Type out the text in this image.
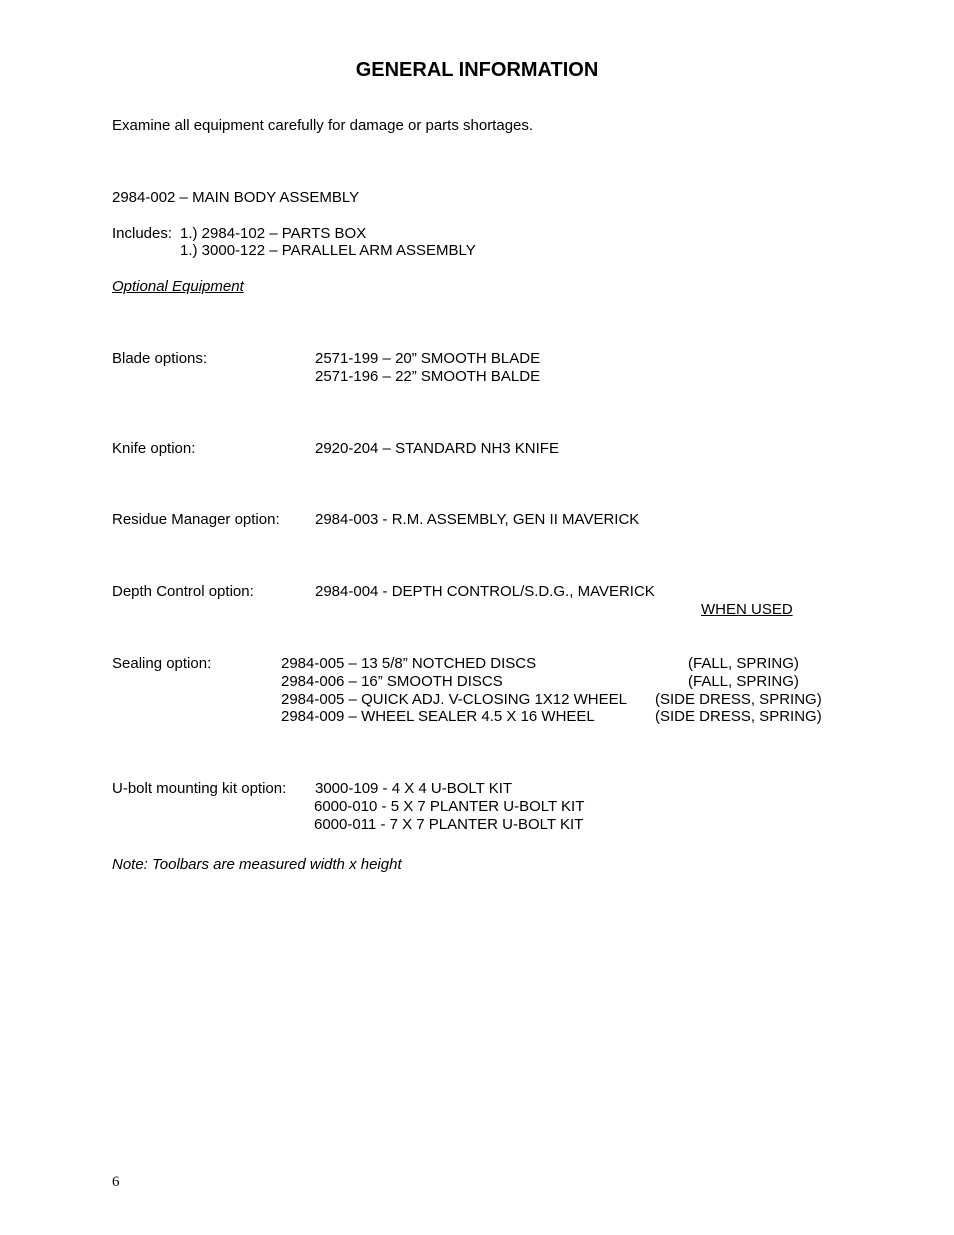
GENERAL INFORMATION
Examine all equipment carefully for damage or parts shortages.
2984-002 – MAIN BODY ASSEMBLY
Includes: 1.) 2984-102 – PARTS BOX
1.) 3000-122 – PARALLEL ARM ASSEMBLY
Optional Equipment
Blade options:	2571-199 – 20” SMOOTH BLADE
2571-196 – 22” SMOOTH BALDE
Knife option:	2920-204 – STANDARD NH3 KNIFE
Residue Manager option: 2984-003 - R.M. ASSEMBLY, GEN II MAVERICK
Depth Control option:	2984-004 - DEPTH CONTROL/S.D.G., MAVERICK
WHEN USED
Sealing option:	2984-005 – 13 5/8” NOTCHED DISCS	(FALL, SPRING)
2984-006 – 16” SMOOTH DISCS	(FALL, SPRING)
2984-005 – QUICK ADJ. V-CLOSING 1X12 WHEEL (SIDE DRESS, SPRING)
2984-009 – WHEEL SEALER 4.5 X 16 WHEEL	(SIDE DRESS, SPRING)
U-bolt mounting kit option: 3000-109 - 4 X 4 U-BOLT KIT
6000-010 - 5 X 7 PLANTER U-BOLT KIT
6000-011 - 7 X 7 PLANTER U-BOLT KIT
Note: Toolbars are measured width x height
6
